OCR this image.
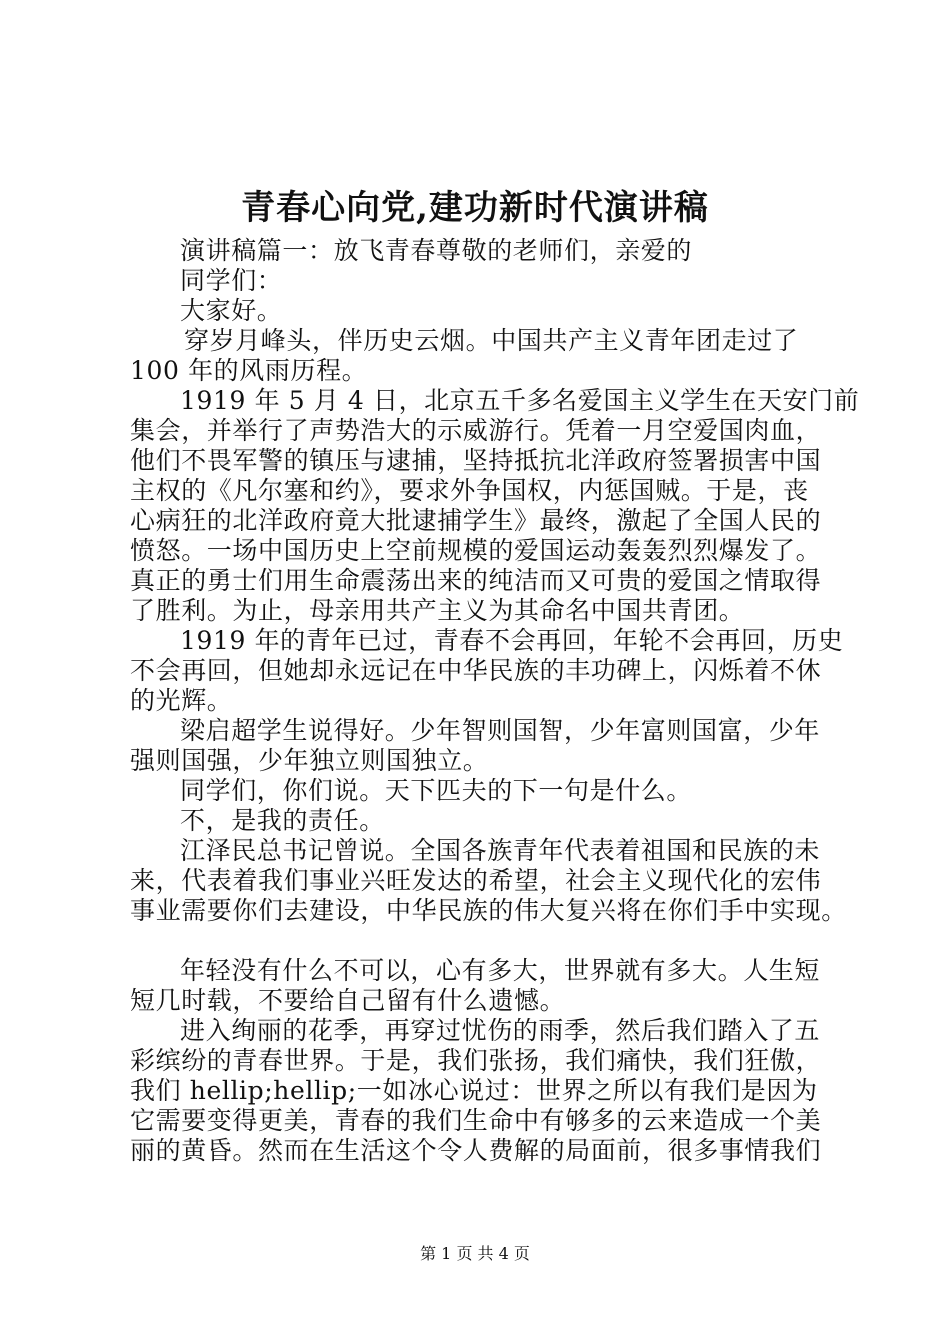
青春心向党,建功新时代演讲稿
演讲稿篇一：放飞青春尊敬的老师们，亲爱的
同学们：
大家好。
穿岁月峰头，伴历史云烟。中国共产主义青年团走过了
100 年的风雨历程。
1919 年 5 月 4 日，北京五千多名爱国主义学生在天安门前
集会，并举行了声势浩大的示威游行。凭着一月空爱国肉血，
他们不畏军警的镇压与逮捕，坚持抵抗北洋政府签署损害中国
主权的《凡尔塞和约》，要求外争国权，内惩国贼。于是，丧
心病狂的北洋政府竟大批逮捕学生》最终，激起了全国人民的
愤怒。一场中国历史上空前规模的爱国运动轰轰烈烈爆发了。
真正的勇士们用生命震荡出来的纯洁而又可贵的爱国之情取得
了胜利。为止，母亲用共产主义为其命名中国共青团。
1919 年的青年已过，青春不会再回，年轮不会再回，历史
不会再回，但她却永远记在中华民族的丰功碑上，闪烁着不休
的光辉。
梁启超学生说得好。少年智则国智，少年富则国富，少年
强则国强，少年独立则国独立。
同学们，你们说。天下匹夫的下一句是什么。
不，是我的责任。
江泽民总书记曾说。全国各族青年代表着祖国和民族的未
来，代表着我们事业兴旺发达的希望，社会主义现代化的宏伟
事业需要你们去建设，中华民族的伟大复兴将在你们手中实现。
年轻没有什么不可以，心有多大，世界就有多大。人生短
短几时载，不要给自己留有什么遗憾。
进入绚丽的花季，再穿过忧伤的雨季，然后我们踏入了五
彩缤纷的青春世界。于是，我们张扬，我们痛快，我们狂傲，
我们 hellip;hellip;一如冰心说过：世界之所以有我们是因为
它需要变得更美，青春的我们生命中有够多的云来造成一个美
丽的黄昏。然而在生活这个令人费解的局面前，很多事情我们
第 1 页 共 4 页
